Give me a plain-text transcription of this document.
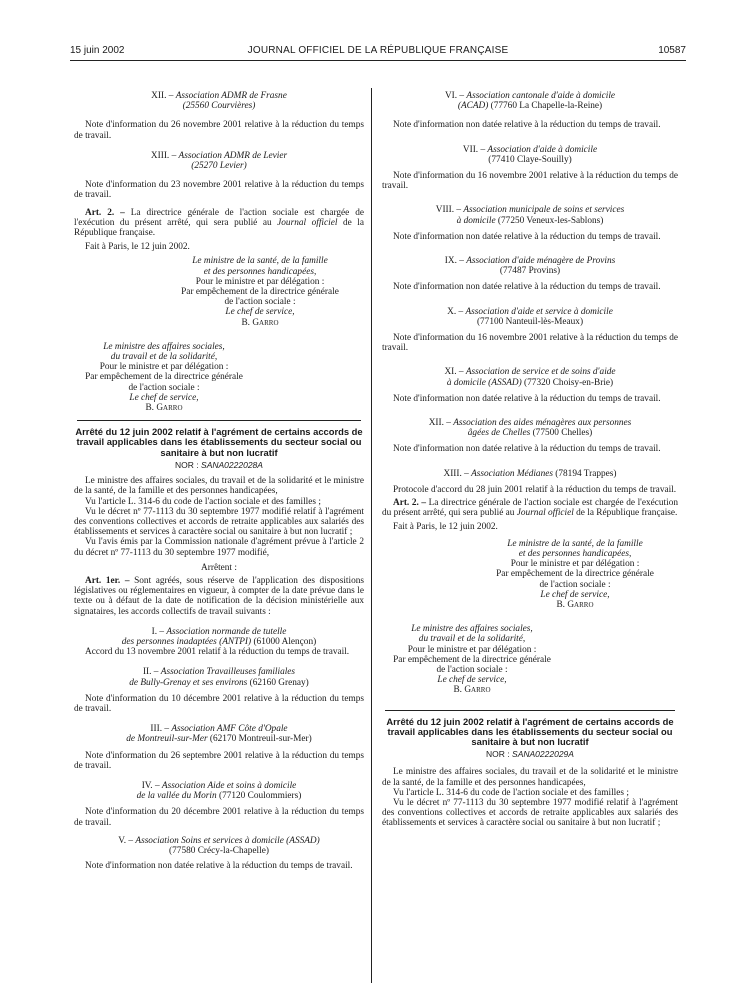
15 juin 2002	JOURNAL OFFICIEL DE LA RÉPUBLIQUE FRANÇAISE	10587

XII. – Association ADMR de Frasne
(25560 Courvières)

Note d'information du 26 novembre 2001 relative à la réduction du temps de travail.

XIII. – Association ADMR de Levier
(25270 Levier)

Note d'information du 23 novembre 2001 relative à la réduction du temps de travail.

Art. 2. – La directrice générale de l'action sociale est chargée de l'exécution du présent arrêté, qui sera publié au Journal officiel de la République française.

Fait à Paris, le 12 juin 2002.

Le ministre de la santé, de la famille
et des personnes handicapées,
Pour le ministre et par délégation :
Par empêchement de la directrice générale
de l'action sociale :
Le chef de service,
B. Garro
Le ministre des affaires sociales,
du travail et de la solidarité,
Pour le ministre et par délégation :
Par empêchement de la directrice générale
de l'action sociale :
Le chef de service,
B. Garro

Arrêté du 12 juin 2002 relatif à l'agrément de certains accords de travail applicables dans les établissements du secteur social ou sanitaire à but non lucratif

NOR : SANA0222028A

Le ministre des affaires sociales, du travail et de la solidarité et le ministre de la santé, de la famille et des personnes handicapées,

Vu l'article L. 314-6 du code de l'action sociale et des familles ;

Vu le décret nº 77-1113 du 30 septembre 1977 modifié relatif à l'agrément des conventions collectives et accords de retraite applicables aux salariés des établissements et services à caractère social ou sanitaire à but non lucratif ;

Vu l'avis émis par la Commission nationale d'agrément prévue à l'article 2 du décret nº 77-1113 du 30 septembre 1977 modifié,

Arrêtent :

Art. 1er. – Sont agréés, sous réserve de l'application des dispositions législatives ou réglementaires en vigueur, à compter de la date prévue dans le texte ou à défaut de la date de notification de la décision ministérielle aux signataires, les accords collectifs de travail suivants :

I. – Association normande de tutelle
des personnes inadaptées (ANTPI) (61000 Alençon)

Accord du 13 novembre 2001 relatif à la réduction du temps de travail.

II. – Association Travailleuses familiales
de Bully-Grenay et ses environs (62160 Grenay)

Note d'information du 10 décembre 2001 relative à la réduction du temps de travail.

III. – Association AMF Côte d'Opale
de Montreuil-sur-Mer (62170 Montreuil-sur-Mer)

Note d'information du 26 septembre 2001 relative à la réduction du temps de travail.

IV. – Association Aide et soins à domicile
de la vallée du Morin (77120 Coulommiers)

Note d'information du 20 décembre 2001 relative à la réduction du temps de travail.

V. – Association Soins et services à domicile (ASSAD)
(77580 Crécy-la-Chapelle)

Note d'information non datée relative à la réduction du temps de travail.

VI. – Association cantonale d'aide à domicile
(ACAD) (77760 La Chapelle-la-Reine)

Note d'information non datée relative à la réduction du temps de travail.

VII. – Association d'aide à domicile
(77410 Claye-Souilly)

Note d'information du 16 novembre 2001 relative à la réduction du temps de travail.

VIII. – Association municipale de soins et services
à domicile (77250 Veneux-les-Sablons)

Note d'information non datée relative à la réduction du temps de travail.

IX. – Association d'aide ménagère de Provins
(77487 Provins)

Note d'information non datée relative à la réduction du temps de travail.

X. – Association d'aide et service à domicile
(77100 Nanteuil-lès-Meaux)

Note d'information du 16 novembre 2001 relative à la réduction du temps de travail.

XI. – Association de service et de soins d'aide
à domicile (ASSAD) (77320 Choisy-en-Brie)

Note d'information non datée relative à la réduction du temps de travail.

XII. – Association des aides ménagères aux personnes
âgées de Chelles (77500 Chelles)

Note d'information non datée relative à la réduction du temps de travail.

XIII. – Association Médianes (78194 Trappes)

Protocole d'accord du 28 juin 2001 relatif à la réduction du temps de travail.

Art. 2. – La directrice générale de l'action sociale est chargée de l'exécution du présent arrêté, qui sera publié au Journal officiel de la République française.

Fait à Paris, le 12 juin 2002.

Le ministre de la santé, de la famille
et des personnes handicapées,
Pour le ministre et par délégation :
Par empêchement de la directrice générale
de l'action sociale :
Le chef de service,
B. Garro
Le ministre des affaires sociales,
du travail et de la solidarité,
Pour le ministre et par délégation :
Par empêchement de la directrice générale
de l'action sociale :
Le chef de service,
B. Garro

Arrêté du 12 juin 2002 relatif à l'agrément de certains accords de travail applicables dans les établissements du secteur social ou sanitaire à but non lucratif

NOR : SANA0222029A

Le ministre des affaires sociales, du travail et de la solidarité et le ministre de la santé, de la famille et des personnes handicapées,

Vu l'article L. 314-6 du code de l'action sociale et des familles ;

Vu le décret nº 77-1113 du 30 septembre 1977 modifié relatif à l'agrément des conventions collectives et accords de retraite applicables aux salariés des établissements et services à caractère social ou sanitaire à but non lucratif ;
